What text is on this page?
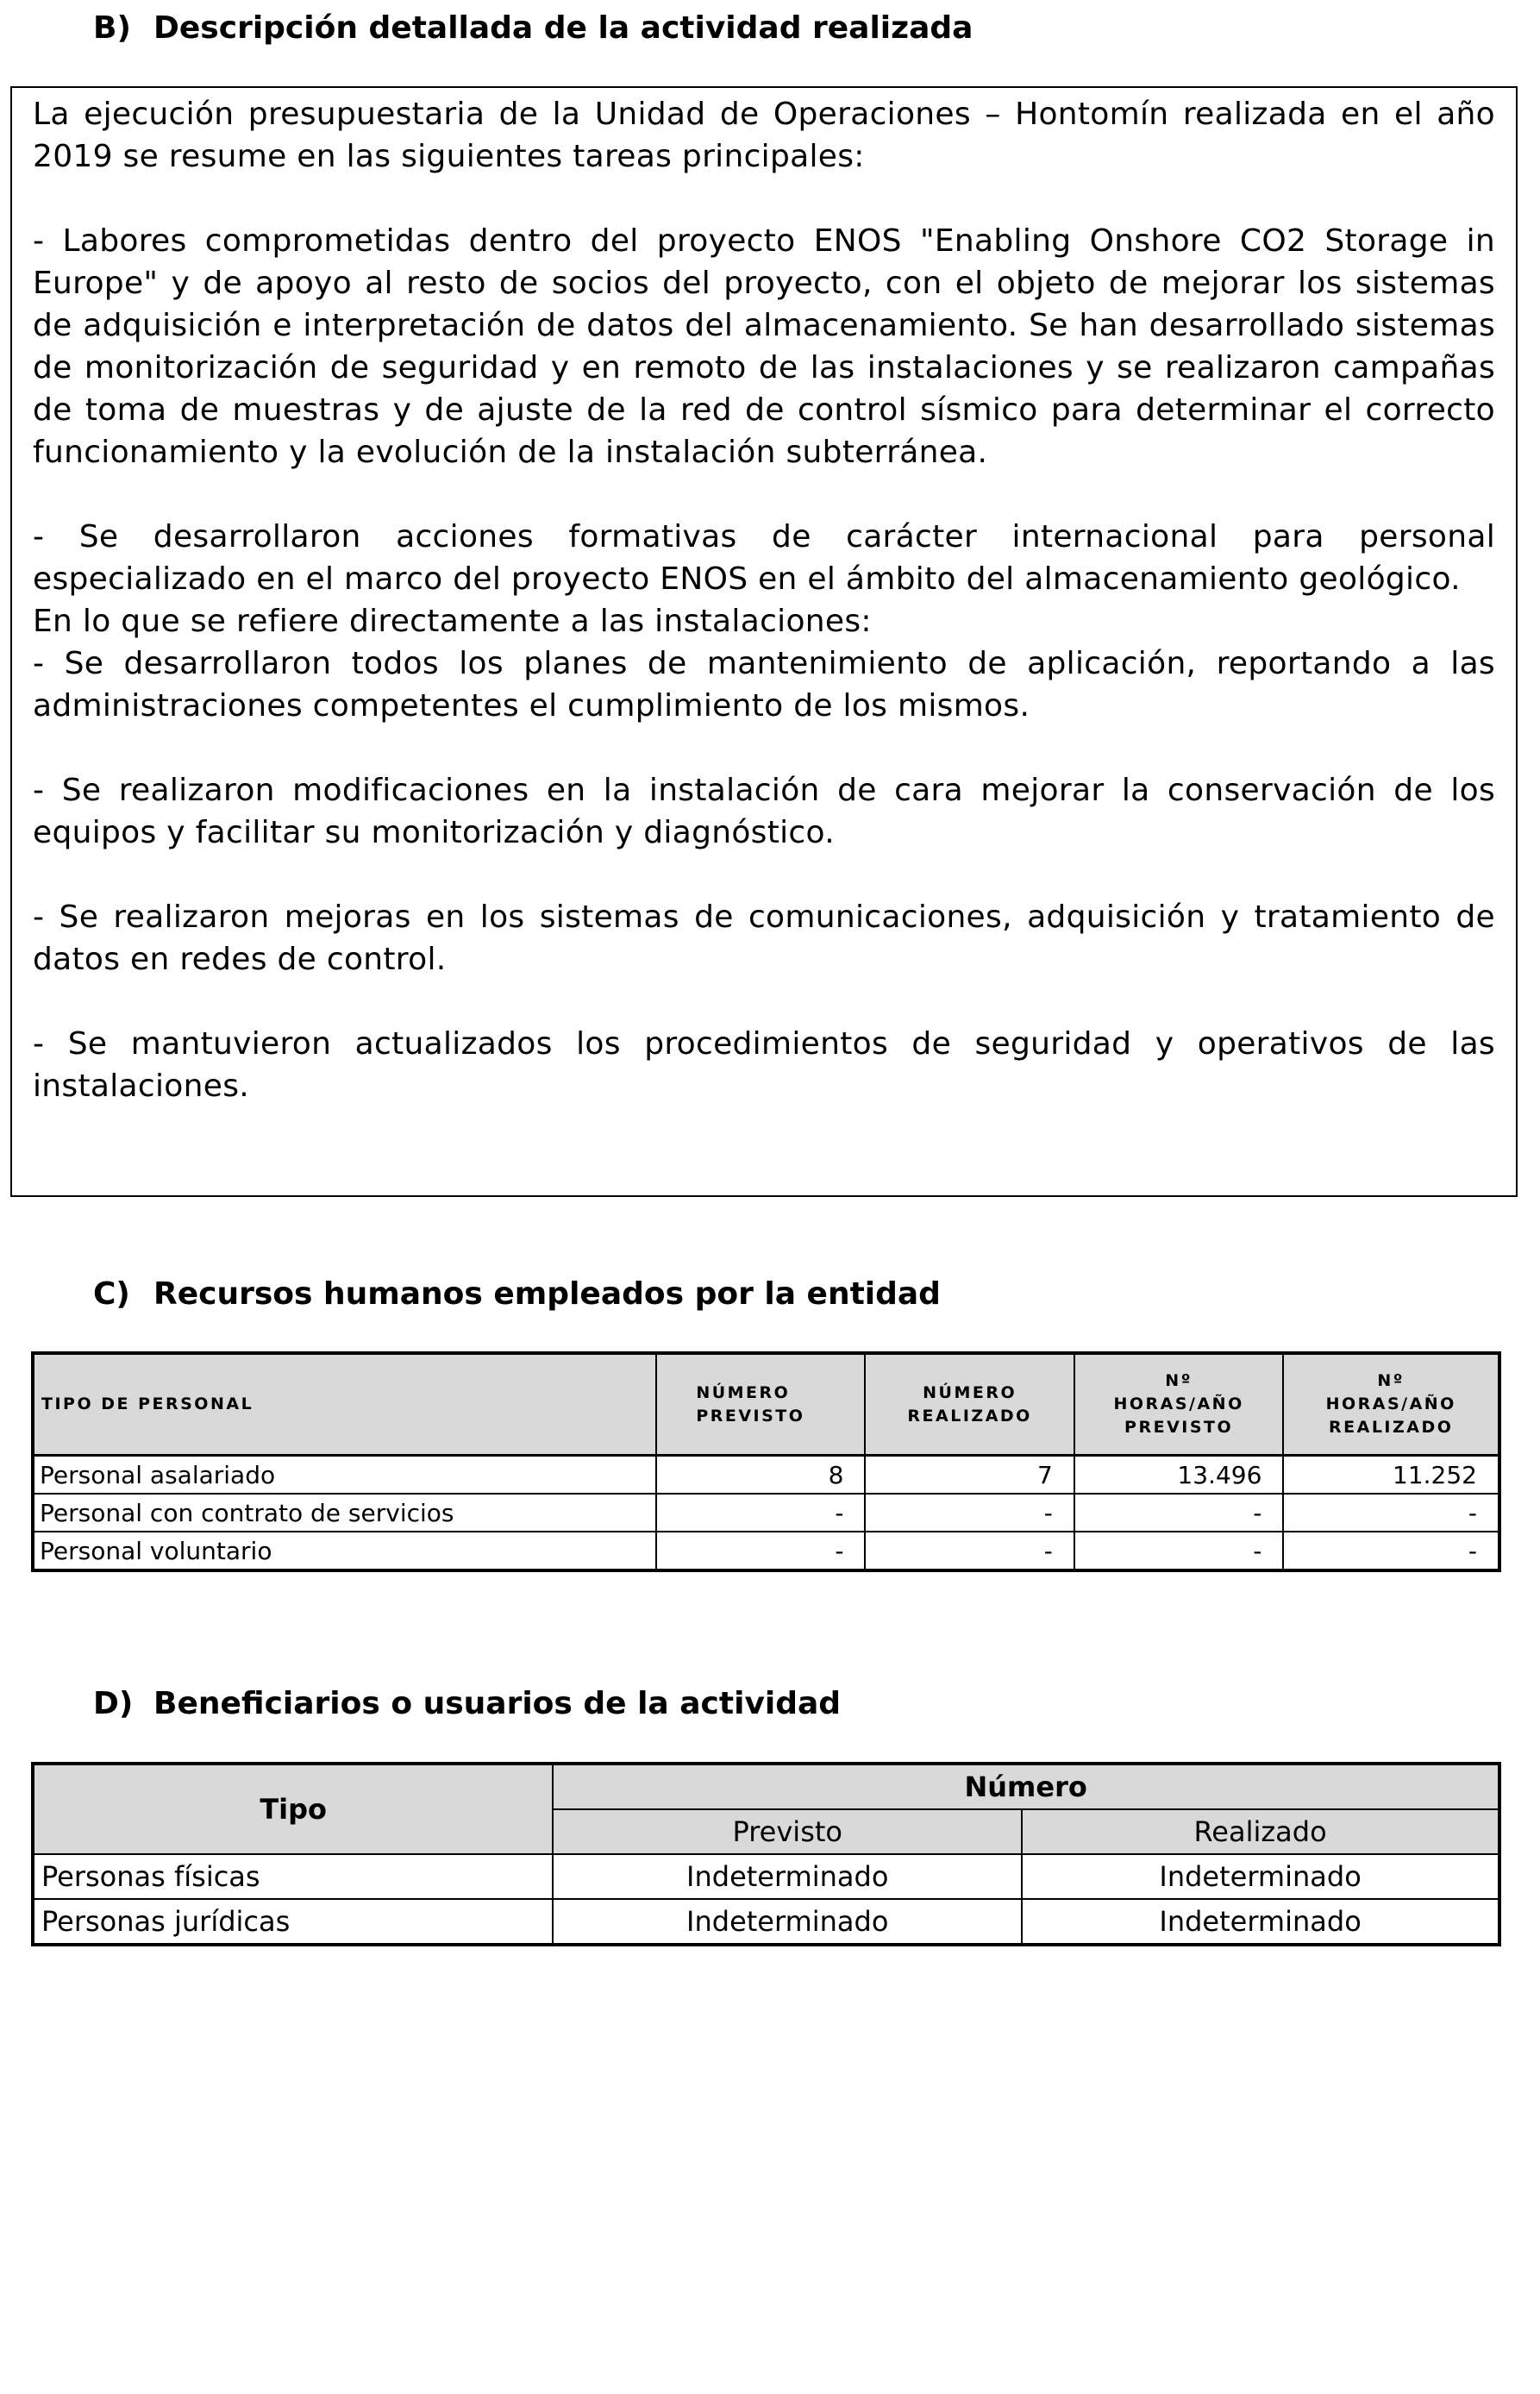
B) Descripción detallada de la actividad realizada

La ejecución presupuestaria de la Unidad de Operaciones – Hontomín realizada en el año 2019 se resume en las siguientes tareas principales:

- Labores comprometidas dentro del proyecto ENOS "Enabling Onshore CO2 Storage in Europe" y de apoyo al resto de socios del proyecto, con el objeto de mejorar los sistemas de adquisición e interpretación de datos del almacenamiento. Se han desarrollado sistemas de monitorización de seguridad y en remoto de las instalaciones y se realizaron campañas de toma de muestras y de ajuste de la red de control sísmico para determinar el correcto funcionamiento y la evolución de la instalación subterránea.

- Se desarrollaron acciones formativas de carácter internacional para personal especializado en el marco del proyecto ENOS en el ámbito del almacenamiento geológico.

En lo que se refiere directamente a las instalaciones:

- Se desarrollaron todos los planes de mantenimiento de aplicación, reportando a las administraciones competentes el cumplimiento de los mismos.

- Se realizaron modificaciones en la instalación de cara mejorar la conservación de los equipos y facilitar su monitorización y diagnóstico.

- Se realizaron mejoras en los sistemas de comunicaciones, adquisición y tratamiento de datos en redes de control.

- Se mantuvieron actualizados los procedimientos de seguridad y operativos de las instalaciones.

C) Recursos humanos empleados por la entidad
TIPO DE PERSONAL	NÚMERO PREVISTO	NÚMERO REALIZADO	Nº HORAS/AÑO PREVISTO	Nº HORAS/AÑO REALIZADO

Personal asalariado	8	7	13.496	11.252
Personal con contrato de servicios	-	-	-	-
Personal voluntario	-	-	-	-
D) Beneficiarios o usuarios de la actividad
Tipo	Número	
	Previsto	Realizado
Personas físicas	Indeterminado	Indeterminado
Personas jurídicas	Indeterminado	Indeterminado
